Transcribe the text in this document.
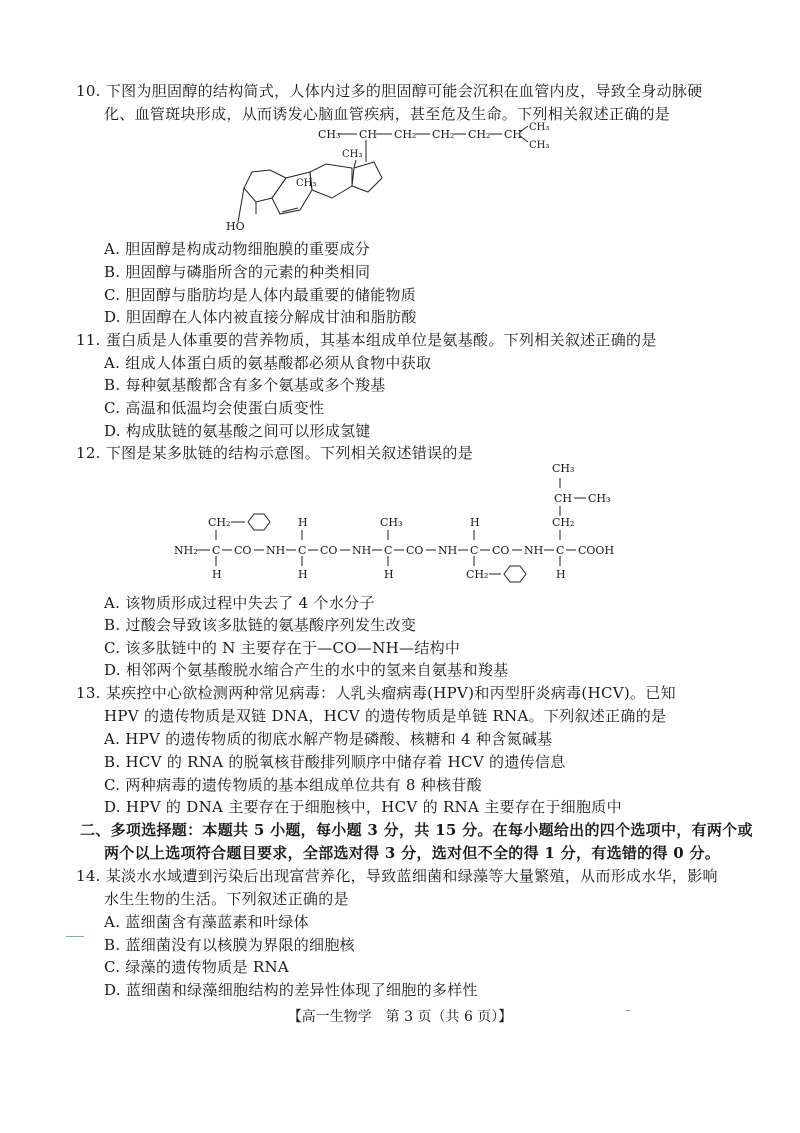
10. 下图为胆固醇的结构简式，人体内过多的胆固醇可能会沉积在血管内皮，导致全身动脉硬
化、血管斑块形成，从而诱发心脑血管疾病，甚至危及生命。下列相关叙述正确的是
CH₃ CH CH₂ CH₂ CH₂ CH
CH₃
CH₃
CH₃
CH₃
HO
A. 胆固醇是构成动物细胞膜的重要成分
B. 胆固醇与磷脂所含的元素的种类相同
C. 胆固醇与脂肪均是人体内最重要的储能物质
D. 胆固醇在人体内被直接分解成甘油和脂肪酸
11. 蛋白质是人体重要的营养物质，其基本组成单位是氨基酸。下列相关叙述正确的是
A. 组成人体蛋白质的氨基酸都必须从食物中获取
B. 每种氨基酸都含有多个氨基或多个羧基
C. 高温和低温均会使蛋白质变性
D. 构成肽链的氨基酸之间可以形成氢键
12. 下图是某多肽链的结构示意图。下列相关叙述错误的是
NH₂ C
CH₂
H
CO NH C
H
H
CO NH C
CH₃
H
CO NH C
H
CH₂
CO NH C
CH₂
CH CH₃
CH₃
H
COOH
A. 该物质形成过程中失去了 4 个水分子
B. 过酸会导致该多肽链的氨基酸序列发生改变
C. 该多肽链中的 N 主要存在于—CO—NH—结构中
D. 相邻两个氨基酸脱水缩合产生的水中的氢来自氨基和羧基
13. 某疾控中心欲检测两种常见病毒：人乳头瘤病毒(HPV)和丙型肝炎病毒(HCV)。已知
HPV 的遗传物质是双链 DNA，HCV 的遗传物质是单链 RNA。下列叙述正确的是
A. HPV 的遗传物质的彻底水解产物是磷酸、核糖和 4 种含氮碱基
B. HCV 的 RNA 的脱氧核苷酸排列顺序中储存着 HCV 的遗传信息
C. 两种病毒的遗传物质的基本组成单位共有 8 种核苷酸
D. HPV 的 DNA 主要存在于细胞核中，HCV 的 RNA 主要存在于细胞质中
二、多项选择题：本题共 5 小题，每小题 3 分，共 15 分。在每小题给出的四个选项中，有两个或
两个以上选项符合题目要求，全部选对得 3 分，选对但不全的得 1 分，有选错的得 0 分。
14. 某淡水水域遭到污染后出现富营养化，导致蓝细菌和绿藻等大量繁殖，从而形成水华，影响
水生生物的生活。下列叙述正确的是
A. 蓝细菌含有藻蓝素和叶绿体
B. 蓝细菌没有以核膜为界限的细胞核
C. 绿藻的遗传物质是 RNA
D. 蓝细菌和绿藻细胞结构的差异性体现了细胞的多样性
【高一生物学　第 3 页（共 6 页）】
